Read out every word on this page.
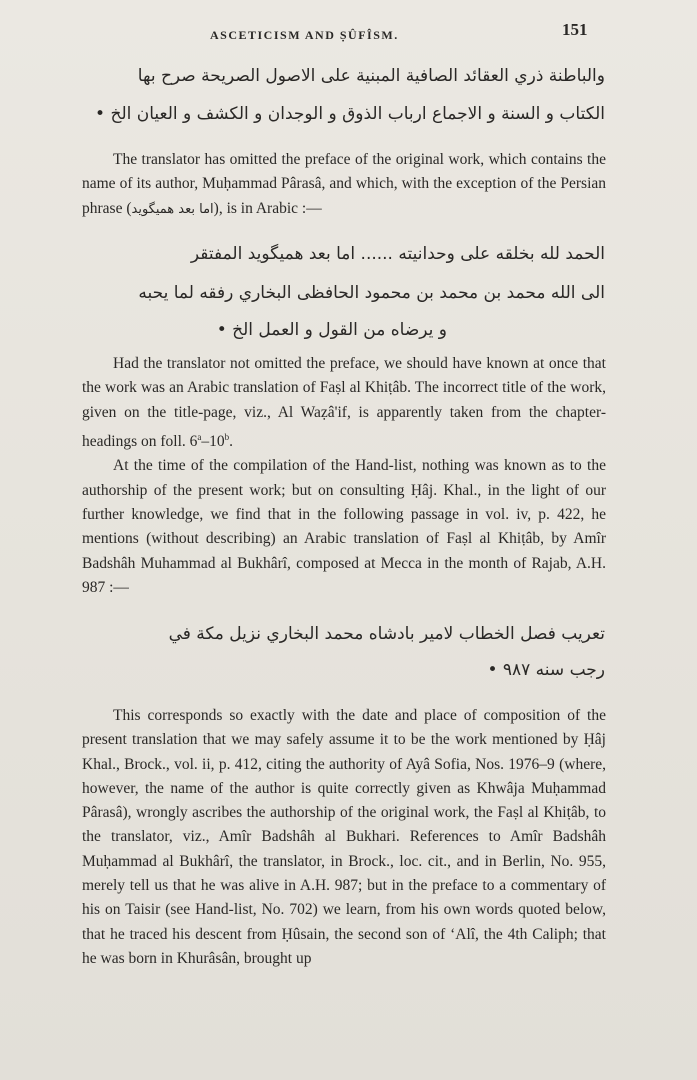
ASCETICISM AND ṢÛFÎSM.	151
والباطنة ذري العقائد الصافية المبنية على الاصول الصريحة صرح بها
الكتاب و السنة و الاجماع ارباب الذوق و الوجدان و الكشف و العيان الخ •

The translator has omitted the preface of the original work, which contains the name of its author, Muḥammad Pârasâ, and which, with the exception of the Persian phrase (اما بعد هميگويد), is in Arabic :—

الحمد لله بخلقه على وحدانيته ...... اما بعد هميگويد المفتقر
الى الله محمد بن محمد بن محمود الحافظى البخاري رفقه لما يحبه
و يرضاه من القول و العمل الخ •

Had the translator not omitted the preface, we should have known at once that the work was an Arabic translation of Faṣl al Khiṭâb. The incorrect title of the work, given on the title-page, viz., Al Waẓâ'if, is apparently taken from the chapter-headings on foll. 6$^a$–10$^b$.

At the time of the compilation of the Hand-list, nothing was known as to the authorship of the present work; but on consulting Ḥâj. Khal., in the light of our further knowledge, we find that in the following passage in vol. iv, p. 422, he mentions (without describing) an Arabic translation of Faṣl al Khiṭâb, by Amîr Badshâh Muhammad al Bukhârî, composed at Mecca in the month of Rajab, A.H. 987 :—

تعريب فصل الخطاب لامير بادشاه محمد البخاري نزيل مكة في
رجب سنه ٩٨٧ •

This corresponds so exactly with the date and place of composition of the present translation that we may safely assume it to be the work mentioned by Ḥâj Khal., Brock., vol. ii, p. 412, citing the authority of Ayâ Sofia, Nos. 1976–9 (where, however, the name of the author is quite correctly given as Khwâja Muḥammad Pârasâ), wrongly ascribes the authorship of the original work, the Faṣl al Khiṭâb, to the translator, viz., Amîr Badshâh al Bukhari. References to Amîr Badshâh Muḥammad al Bukhârî, the translator, in Brock., loc. cit., and in Berlin, No. 955, merely tell us that he was alive in A.H. 987; but in the preface to a commentary of his on Taisir (see Hand-list, No. 702) we learn, from his own words quoted below, that he traced his descent from Ḥûsain, the second son of ‘Alî, the 4th Caliph; that he was born in Khurâsân, brought up
